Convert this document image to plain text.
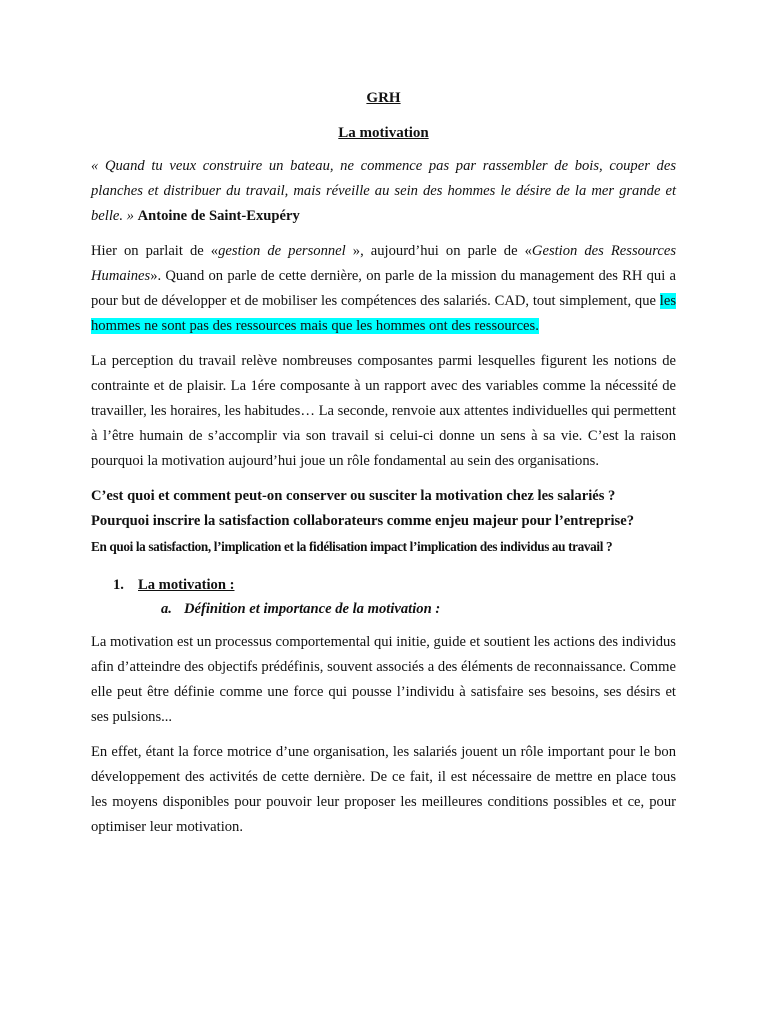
GRH
La motivation

« Quand tu veux construire un bateau, ne commence pas par rassembler de bois, couper des planches et distribuer du travail, mais réveille au sein des hommes le désire de la mer grande et belle. » Antoine de Saint-Exupéry

Hier on parlait de «gestion de personnel », aujourd’hui on parle de «Gestion des Ressources Humaines». Quand on parle de cette dernière, on parle de la mission du management des RH qui a pour but de développer et de mobiliser les compétences des salariés. CAD, tout simplement, que les hommes ne sont pas des ressources mais que les hommes ont des ressources.

La perception du travail relève nombreuses composantes parmi lesquelles figurent les notions de contrainte et de plaisir. La 1ére composante à un rapport avec des variables comme la nécessité de travailler, les horaires, les habitudes… La seconde, renvoie aux attentes individuelles qui permettent à l’être humain de s’accomplir via son travail si celui-ci donne un sens à sa vie. C’est la raison pourquoi la motivation aujourd’hui joue un rôle fondamental au sein des organisations.

C’est quoi et comment peut-on conserver ou susciter la motivation chez les salariés ?

Pourquoi inscrire la satisfaction collaborateurs comme enjeu majeur pour l’entreprise?

En quoi la satisfaction, l’implication et la fidélisation impact l’implication des individus au travail ?

1. La motivation :
a. Définition et importance de la motivation :

La motivation est un processus comportemental qui initie, guide et soutient les actions des individus afin d’atteindre des objectifs prédéfinis, souvent associés a des éléments de reconnaissance. Comme elle peut être définie comme une force qui pousse l’individu à satisfaire ses besoins, ses désirs et ses pulsions...

En effet, étant la force motrice d’une organisation, les salariés jouent un rôle important pour le bon développement des activités de cette dernière. De ce fait, il est nécessaire de mettre en place tous les moyens disponibles pour pouvoir leur proposer les meilleures conditions possibles et ce, pour optimiser leur motivation.
